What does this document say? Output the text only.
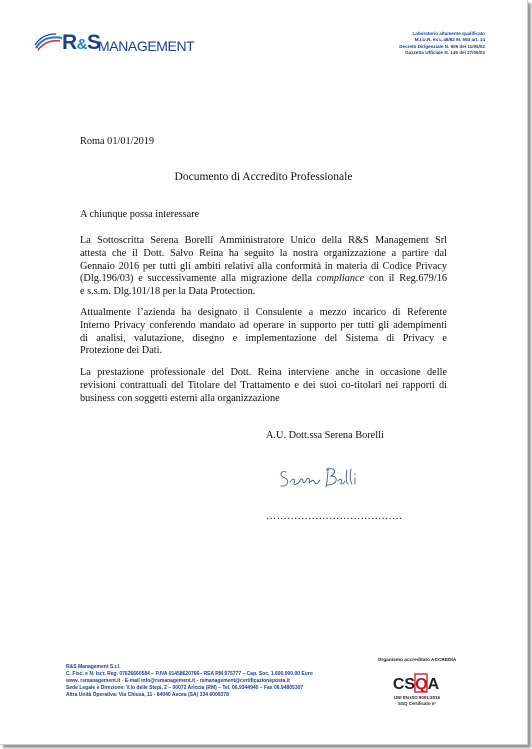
R&S
MANAGEMENT
Laboratorio altamente qualificato
M.I.U.R. ex L.46/82 M. 593 art. 14
Decreto Dirigenziale N. 809 del 11/05/02
Gazzetta Ufficiale N. 149 del 27/06/02
Roma 01/01/2019
Documento di Accredito Professionale
A chiunque possa interessare
La Sottoscritta Serena Borelli Amministratore Unico della R&S Management Srl
attesta che il Dott. Salvo Reina ha seguito la nostra organizzazione a partire dal
Gennaio 2016 per tutti gli ambiti relativi alla conformità in materia di Codice Privacy
(Dlg.196/03) e successivamente alla migrazione della compliance con il Reg.679/16
e s.s.m. Dlg.101/18 per la Data Protection.
Attualmente l’azienda ha designato il Consulente a mezzo incarico di Referente
Interno Privacy conferendo mandato ad operare in supporto per tutti gli adempimenti
di analisi, valutazione, disegno e implementazione del Sistema di Privacy e
Protezione dei Dati.
La prestazione professionale del Dott. Reina interviene anche in occasione delle
revisioni contrattuali del Titolare del Trattamento e dei suoi co-titolari nei rapporti di
business con soggetti esterni alla organizzazione
A.U. Dott.ssa Serena Borelli
…………………………………
R&S Management S.r.l.
C. Fisc. e N. Iscr. Reg. 07626660584 – P.IVA 01458620766– REA RM 975777 – Cap. Soc. 1.600.000,00 Euro
www. rsmanagement.it - E-mail info@rsmanagement.it - rsmanagement@certificazioneposta.it
Sede Legale e Direzione: V.lo delle Stepi, 2 – 00072 Ariccia (RM) – Tel. 06.9344940 – Fax 06.94805307
Altra Unità Operativa: Via Chiusa, 11 - 84040 Ascea (SA) 334 6009378
Organismo accreditato ACCREDIA
CSQA
UNI EN ISO 9001:2015
SGQ Certificato n°
